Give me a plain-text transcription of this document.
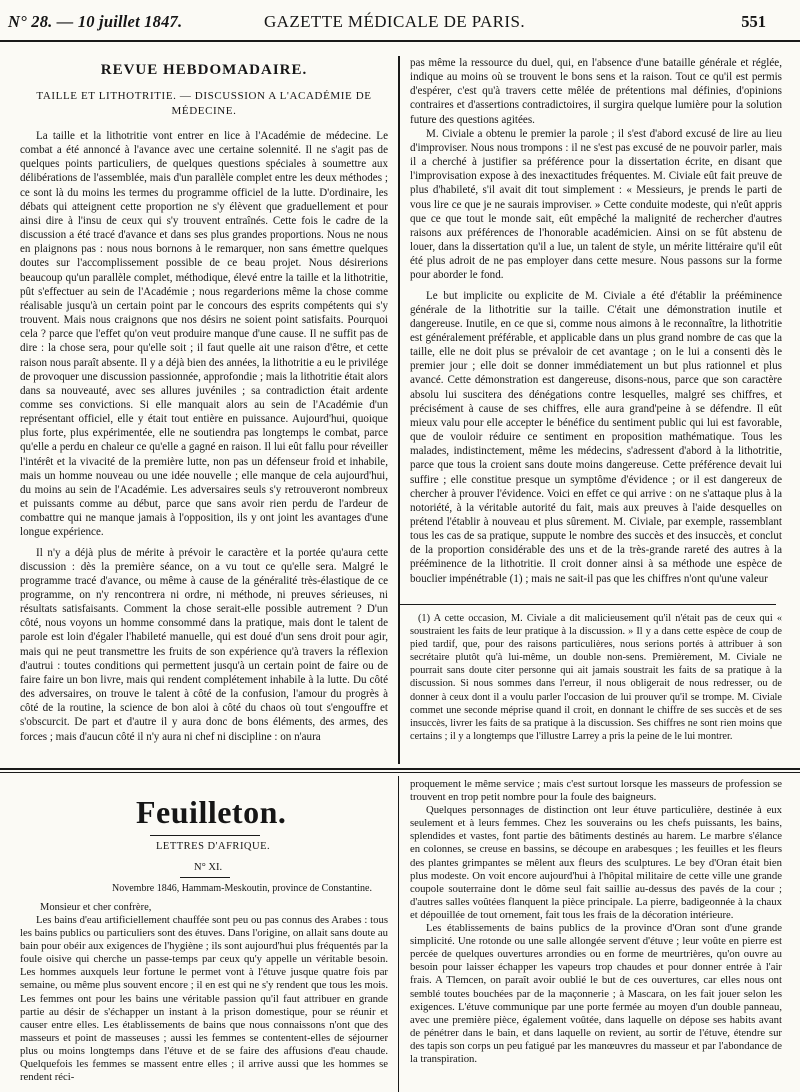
N° 28. — 10 juillet 1847.	GAZETTE MÉDICALE DE PARIS.	551
REVUE HEBDOMADAIRE.
TAILLE ET LITHOTRITIE. — DISCUSSION A L'ACADÉMIE DE MÉDECINE.

La taille et la lithotritie vont entrer en lice à l'Académie de médecine. Le combat a été annoncé à l'avance avec une certaine solennité. Il ne s'agit pas de quelques points particuliers, de quelques questions spéciales à soumettre aux délibérations de l'assemblée, mais d'un parallèle complet entre les deux méthodes ; ce sont là du moins les termes du programme officiel de la lutte. D'ordinaire, les débats qui atteignent cette proportion ne s'y élèvent que graduellement et pour ainsi dire à l'insu de ceux qui s'y trouvent entraînés. Cette fois le cadre de la discussion a été tracé d'avance et dans ses plus grandes proportions. Nous ne nous en plaignons pas : nous nous bornons à le remarquer, non sans émettre quelques doutes sur l'accomplissement possible de ce beau projet. Nous désirerions beaucoup qu'un parallèle complet, méthodique, élevé entre la taille et la lithotritie, pût s'effectuer au sein de l'Académie ; nous regarderions même la chose comme réalisable jusqu'à un certain point par le concours des esprits compétents qui s'y trouvent. Mais nous craignons que nos désirs ne soient point satisfaits. Pourquoi cela ? parce que l'effet qu'on veut produire manque d'une cause. Il ne suffit pas de dire : la chose sera, pour qu'elle soit ; il faut quelle ait une raison d'être, et cette raison nous paraît absente. Il y a déjà bien des années, la lithotritie a eu le privilége de provoquer une discussion passionnée, approfondie ; mais la lithotritie était alors dans sa nouveauté, avec ses allures juvéniles ; sa contradiction était ardente comme ses convictions. Si elle manquait alors au sein de l'Académie d'un représentant officiel, elle y était tout entière en puissance. Aujourd'hui, quoique plus forte, plus expérimentée, elle ne soutiendra pas longtemps le combat, parce qu'elle a perdu en chaleur ce qu'elle a gagné en raison. Il lui eût fallu pour réveiller l'intérêt et la vivacité de la première lutte, non pas un défenseur froid et inhabile, mais un homme nouveau ou une idée nouvelle ; elle manque de cela aujourd'hui, du moins au sein de l'Académie. Les adversaires seuls s'y retrouveront nombreux et puissants comme au début, parce que sans avoir rien perdu de l'ardeur de combattre qui ne manque jamais à l'opposition, ils y ont joint les avantages d'une longue expérience.

Il n'y a déjà plus de mérite à prévoir le caractère et la portée qu'aura cette discussion : dès la première séance, on a vu tout ce qu'elle sera. Malgré le programme tracé d'avance, ou même à cause de la généralité très-élastique de ce programme, on n'y rencontrera ni ordre, ni méthode, ni preuves sérieuses, ni résultats satisfaisants. Comment la chose serait-elle possible autrement ? D'un côté, nous voyons un homme consommé dans la pratique, mais dont le talent de parole est loin d'égaler l'habileté manuelle, qui est doué d'un sens droit pour agir, mais qui ne peut transmettre les fruits de son expérience qu'à travers la réflexion d'autrui : toutes conditions qui permettent jusqu'à un certain point de faire ou de faire faire un bon livre, mais qui rendent complétement inhabile à la lutte. Du côté des adversaires, on trouve le talent à côté de la confusion, l'amour du progrès à côté de la routine, la science de bon aloi à côté du chaos où tout s'engouffre et s'obscurcit. De part et d'autre il y aura donc de bons éléments, des armes, des forces ; mais d'aucun côté il n'y aura ni chef ni discipline : on n'aura

pas même la ressource du duel, qui, en l'absence d'une bataille générale et réglée, indique au moins où se trouvent le bons sens et la raison. Tout ce qu'il est permis d'espérer, c'est qu'à travers cette mêlée de prétentions mal définies, d'opinions contraires et d'assertions contradictoires, il surgira quelque lumière pour la solution future des questions agitées.

M. Civiale a obtenu le premier la parole ; il s'est d'abord excusé de lire au lieu d'improviser. Nous nous trompons : il ne s'est pas excusé de ne pouvoir parler, mais il a cherché à justifier sa préférence pour la dissertation écrite, en disant que l'improvisation expose à des inexactitudes fréquentes. M. Civiale eût fait preuve de plus d'habileté, s'il avait dit tout simplement : « Messieurs, je prends le parti de vous lire ce que je ne saurais improviser. » Cette conduite modeste, qui n'eût appris que ce que tout le monde sait, eût empêché la malignité de rechercher d'autres raisons aux préférences de l'honorable académicien. Ainsi on se fût abstenu de louer, dans la dissertation qu'il a lue, un talent de style, un mérite littéraire qu'il eût été plus adroit de ne pas employer dans cette mesure. Nous passons sur la forme pour aborder le fond.

Le but implicite ou explicite de M. Civiale a été d'établir la prééminence générale de la lithotritie sur la taille. C'était une démonstration inutile et dangereuse. Inutile, en ce que si, comme nous aimons à le reconnaître, la lithotritie est généralement préférable, et applicable dans un plus grand nombre de cas que la taille, elle ne doit plus se prévaloir de cet avantage ; on le lui a consenti dès le premier jour ; elle doit se donner immédiatement un but plus rationnel et plus avancé. Cette démonstration est dangereuse, disons-nous, parce que son caractère absolu lui suscitera des dénégations contre lesquelles, malgré ses chiffres, et précisément à cause de ses chiffres, elle aura grand'peine à se défendre. Il eût mieux valu pour elle accepter le bénéfice du sentiment public qui lui est favorable, que de vouloir réduire ce sentiment en proposition mathématique. Tous les malades, indistinctement, même les médecins, s'adressent d'abord à la lithotritie, parce que tous la croient sans doute moins dangereuse. Cette préférence devait lui suffire ; elle constitue presque un symptôme d'évidence ; or il est dangereux de chercher à prouver l'évidence. Voici en effet ce qui arrive : on ne s'attaque plus à la notoriété, à la véritable autorité du fait, mais aux preuves à l'aide desquelles on prétend l'établir à nouveau et plus sûrement. M. Civiale, par exemple, rassemblant tous les cas de sa pratique, suppute le nombre des succès et des insuccès, et conclut de la proportion considérable des uns et de la très-grande rareté des autres à la prééminence de la lithotritie. Il croit donner ainsi à sa méthode une espèce de bouclier impénétrable (1) ; mais ne sait-il pas que les chiffres n'ont qu'une valeur

(1) A cette occasion, M. Civiale a dit malicieusement qu'il n'était pas de ceux qui « soustraient les faits de leur pratique à la discussion. » Il y a dans cette espèce de coup de pied tardif, que, pour des raisons particulières, nous serions portés à attribuer à son secrétaire plutôt qu'à lui-même, un double non-sens. Premièrement, M. Civiale ne pourrait sans doute citer personne qui ait jamais soustrait les faits de sa pratique à la discussion. Si nous sommes dans l'erreur, il nous obligerait de nous redresser, ou de donner à ceux dont il a voulu parler l'occasion de lui prouver qu'il se trompe. M. Civiale commet une seconde méprise quand il croit, en donnant le chiffre de ses succès et de ses insuccès, livrer les faits de sa pratique à la discussion. Ses chiffres ne sont rien moins que certains ; il y a longtemps que l'illustre Larrey a pris la peine de le lui montrer.

Feuilleton.
LETTRES D'AFRIQUE.
N° XI.
Novembre 1846, Hammam-Meskoutin, province de Constantine.
Monsieur et cher confrère,

Les bains d'eau artificiellement chauffée sont peu ou pas connus des Arabes : tous les bains publics ou particuliers sont des étuves. Dans l'origine, on allait sans doute au bain pour obéir aux exigences de l'hygiène ; ils sont aujourd'hui plus fréquentés par la foule oisive qui cherche un passe-temps par ceux qu'y appelle un véritable besoin. Les hommes auxquels leur fortune le permet vont à l'étuve jusque quatre fois par semaine, ou même plus souvent encore ; il en est qui ne s'y rendent que tous les mois. Les femmes ont pour les bains une véritable passion qu'il faut attribuer en grande partie au désir de s'échapper un instant à la prison domestique, pour se réunir et causer entre elles. Les établissements de bains que nous connaissons n'ont que des masseurs et point de masseuses ; aussi les femmes se contentent-elles de séjourner plus ou moins longtemps dans l'étuve et de se faire des affusions d'eau chaude. Quelquefois les femmes se massent entre elles ; il arrive aussi que les hommes se rendent réci-

proquement le même service ; mais c'est surtout lorsque les masseurs de profession se trouvent en trop petit nombre pour la foule des baigneurs.

Quelques personnages de distinction ont leur étuve particulière, destinée à eux seulement et à leurs femmes. Chez les souverains ou les chefs puissants, les bains, splendides et vastes, font partie des bâtiments destinés au harem. Le marbre s'élance en colonnes, se creuse en bassins, se découpe en arabesques ; les feuilles et les fleurs des plantes grimpantes se mêlent aux fleurs des sculptures. Le bey d'Oran était bien plus modeste. On voit encore aujourd'hui à l'hôpital militaire de cette ville une grande coupole souterraine dont le dôme seul fait saillie au-dessus des pavés de la cour ; d'autres salles voûtées flanquent la pièce principale. La pierre, badigeonnée à la chaux et dépouillée de tout ornement, fait tous les frais de la décoration intérieure.

Les établissements de bains publics de la province d'Oran sont d'une grande simplicité. Une rotonde ou une salle allongée servent d'étuve ; leur voûte en pierre est percée de quelques ouvertures arrondies ou en forme de meurtrières, qu'on ouvre au besoin pour laisser échapper les vapeurs trop chaudes et pour donner entrée à l'air frais. A Tlemcen, on paraît avoir oublié le but de ces ouvertures, car elles nous ont semblé toutes bouchées par de la maçonnerie ; à Mascara, on les fait jouer selon les exigences. L'étuve communique par une porte fermée au moyen d'un double panneau, avec une première pièce, également voûtée, dans laquelle on dépose ses habits avant de pénétrer dans le bain, et dans laquelle on revient, au sortir de l'étuve, étendre sur des tapis son corps un peu fatigué par les manœuvres du masseur et par l'abondance de la transpiration.
